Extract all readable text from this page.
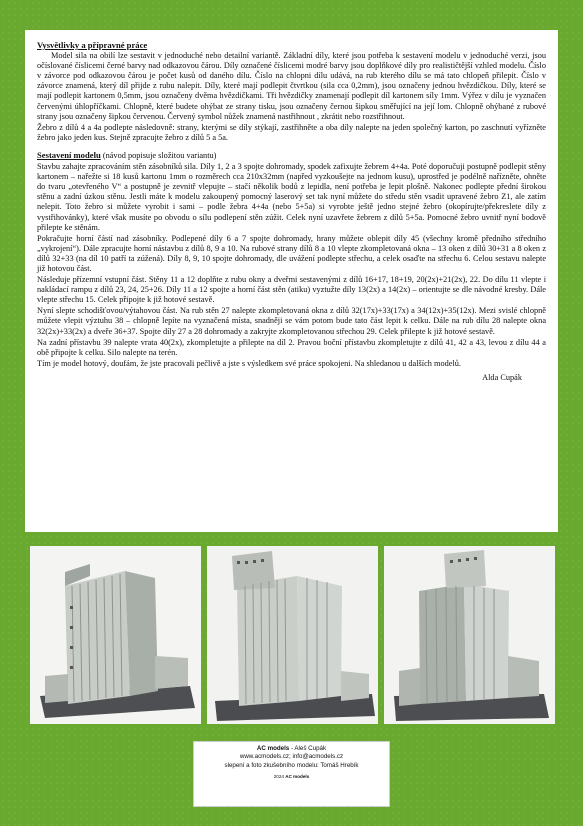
Vysvětlivky a přípravné práce
Model sila na obilí lze sestavit v jednoduché nebo detailní variantě. Základní díly, které jsou potřeba k sestavení modelu v jednoduché verzi, jsou očíslované číslicemi černé barvy nad odkazovou čárou. Díly označené číslicemi modré barvy jsou doplňkové díly pro realističtější vzhled modelu. Číslo v závorce pod odkazovou čárou je počet kusů od daného dílu. Číslo na chlopni dílu udává, na rub kterého dílu se má tato chlopeň přilepit. Číslo v závorce znamená, který díl přijde z rubu nalepit. Díly, které mají podlepit čtvrtkou (sila cca 0,2mm), jsou označeny jednou hvězdičkou. Díly, které se mají podlepit kartonem 0,5mm, jsou označeny dvěma hvězdičkami. Tři hvězdičky znamenají podlepit díl kartonem síly 1mm. Výřez v dílu je vyznačen červenými úhlopříčkami. Chlopně, které budete ohýbat ze strany tisku, jsou označeny černou šipkou směřující na její lom. Chlopně ohýbané z rubové strany jsou označeny šipkou červenou. Červený symbol nůžek znamená nastřihnout , zkrátit nebo rozstřihnout.
Žebro z dílů 4 a 4a podlepte následovně: strany, kterými se díly stýkají, zastřihněte a oba díly nalepte na jeden společný karton, po zaschnutí vyřízněte žebro jako jeden kus. Stejně zpracujte žebro z dílů 5 a 5a.
Sestavení modelu (návod popisuje složitou variantu)
Stavbu zahajte zpracováním stěn zásobníků sila. Díly 1, 2 a 3 spojte dohromady, spodek zafixujte žebrem 4+4a. Poté doporučuji postupně podlepit stěny kartonem – nařežte si 18 kusů kartonu 1mm o rozměrech cca 210x32mm (napřed vyzkoušejte na jednom kusu), uprostřed je podélně nařízněte, ohněte do tvaru „otevřeného V“ a postupně je zevnitř vlepujte – stačí několik bodů z lepidla, není potřeba je lepit plošně. Nakonec podlepte přední širokou stěnu a zadní úzkou stěnu. Jestli máte k modelu zakoupený pomocný laserový set tak nyní můžete do středu stěn vsadit upravené žebro Z1, ale zatím nelepit. Toto žebro si můžete vyrobit i sami – podle žebra 4+4a (nebo 5+5a) si vyrobte ještě jedno stejné žebro (okopírujte/překreslete díly z vystřihovánky), které však musíte po obvodu o sílu podlepení stěn zúžit. Celek nyní uzavřete žebrem z dílů 5+5a. Pomocné žebro uvnitř nyní bodově přilepte ke stěnám.
Pokračujte horní částí nad zásobníky. Podlepené díly 6 a 7 spojte dohromady, hrany můžete oblepit díly 45 (všechny kromě předního středního „vykrojení“). Dále zpracujte horní nástavbu z dílů 8, 9 a 10. Na rubové strany dílů 8 a 10 vlepte zkompletovaná okna – 13 oken z dílů 30+31 a 8 oken z dílů 32+33 (na díl 10 patří ta zúžená). Díly 8, 9, 10 spojte dohromady, dle uvážení podlepte střechu, a celek osaďte na střechu 6. Celou sestavu nalepte již hotovou část.
Následuje přízemní vstupní část. Stěny 11 a 12 doplňte z rubu okny a dveřmi sestavenými z dílů 16+17, 18+19, 20(2x)+21(2x), 22. Do dílu 11 vlepte i nakládací rampu z dílů 23, 24, 25+26. Díly 11 a 12 spojte a horní část stěn (atiku) vyztužte díly 13(2x) a 14(2x) – orientujte se dle návodné kresby. Dále vlepte střechu 15. Celek připojte k již hotové sestavě.
Nyní slepte schodišťovou/výtahovou část. Na rub stěn 27 nalepte zkompletovaná okna z dílů 32(17x)+33(17x) a 34(12x)+35(12x). Mezi svislé chlopně můžete vlepit výztuhu 38 – chlopně lepíte na vyznačená místa, snadněji se vám potom bude tato část lepit k celku. Dále na rub dílu 28 nalepte okna 32(2x)+33(2x) a dveře 36+37. Spojte díly 27 a 28 dohromady a zakryjte zkompletovanou střechou 29. Celek přilepte k již hotové sestavě.
Na zadní přístavbu 39 nalepte vrata 40(2x), zkompletujte a přilepte na díl 2. Pravou boční přístavbu zkompletujte z dílů 41, 42 a 43, levou z dílu 44 a obě připojte k celku. Silo nalepte na terén.
Tím je model hotový, doufám, že jste pracovali pečlivě a jste s výsledkem své práce spokojeni. Na shledanou u dalších modelů.
Alda Cupák
AC models - Aleš Cupák
www.acmodels.cz; info@acmodels.cz
slepení a foto zkušebního modelu: Tomáš Hrebík
2024 AC models
